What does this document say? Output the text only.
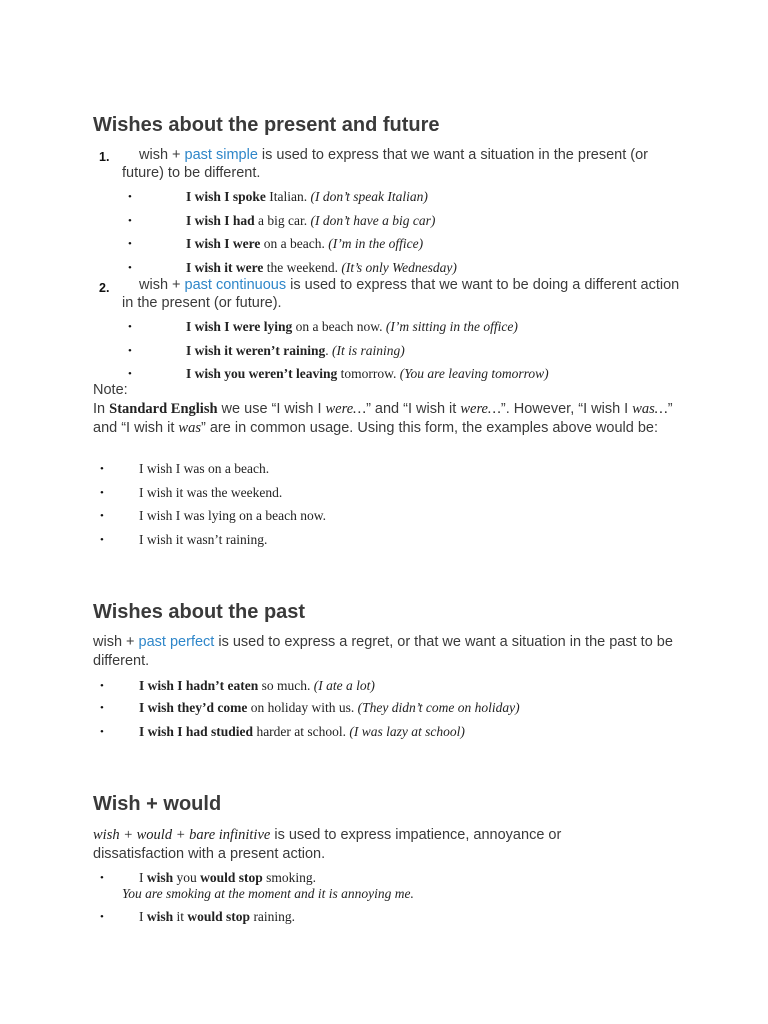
Wishes about the present and future
1.	wish + past simple is used to express that we want a situation in the present (or future) to be different.

•	I wish I spoke Italian. (I don’t speak Italian)
•	I wish I had a big car. (I don’t have a big car)
•	I wish I were on a beach. (I’m in the office)
•	I wish it were the weekend. (It’s only Wednesday)
2.	wish + past continuous is used to express that we want to be doing a different action in the present (or future).

•	I wish I were lying on a beach now. (I’m sitting in the office)
•	I wish it weren’t raining. (It is raining)
•	I wish you weren’t leaving tomorrow. (You are leaving tomorrow)

Note:

In Standard English we use “I wish I were…” and “I wish it were…”. However, “I wish I was…” and “I wish it was” are in common usage. Using this form, the examples above would be:

•	I wish I was on a beach.
•	I wish it was the weekend.
•	I wish I was lying on a beach now.
•	I wish it wasn’t raining.
Wishes about the past

wish + past perfect is used to express a regret, or that we want a situation in the past to be different.

•	I wish I hadn’t eaten so much. (I ate a lot)
•	I wish they’d come on holiday with us. (They didn’t come on holiday)
•	I wish I had studied harder at school. (I was lazy at school)
Wish + would

wish + would + bare infinitive is used to express impatience, annoyance or dissatisfaction with a present action.

•	I wish you would stop smoking.
You are smoking at the moment and it is annoying me.
•	I wish it would stop raining.
